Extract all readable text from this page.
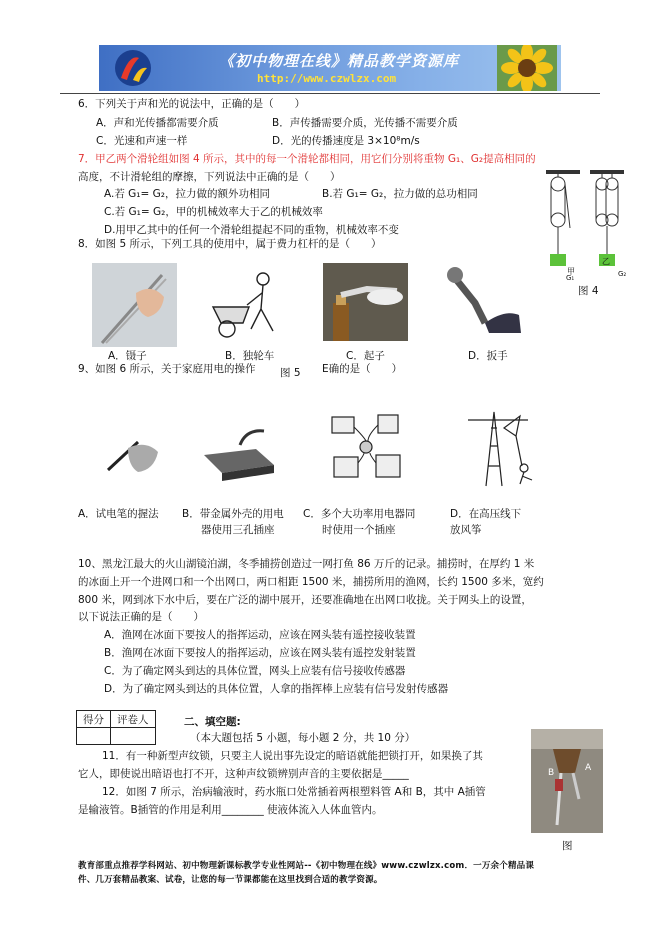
《初中物理在线》精品教学资源库
http://www.czwlzx.com
6．下列关于声和光的说法中，正确的是（　　）
A．声和光传播都需要介质	B．声传播需要介质，光传播不需要介质
C．光速和声速一样	D．光的传播速度是 3×10⁸m/s
7．甲乙两个滑轮组如图 4 所示，其中的每一个滑轮都相同，用它们分别将重物 G₁、G₂提高相同的
高度，不计滑轮组的摩擦，下列说法中正确的是（　　）
A.若 G₁= G₂，拉力做的额外功相同	B.若 G₁= G₂，拉力做的总功相同
C.若 G₁= G₂，甲的机械效率大于乙的机械效率
D.用甲乙其中的任何一个滑轮组提起不同的重物，机械效率不变
甲
乙
G₁	G₂
图 4
8．如图 5 所示，下列工具的使用中，属于费力杠杆的是（　　）
A．镊子	B．独轮车	C．起子	D．扳手
9、如图 6 所示，关于家庭用电的操作 图 5 E确的是（　　）
A．试电笔的握法 B．带金属外壳的用电
器使用三孔插座
C．多个大功率用电器同
时使用一个插座
D．在高压线下
放风筝
10、黑龙江最大的火山湖镜泊湖，冬季捕捞创造过一网打鱼 86 万斤的记录。捕捞时，在厚约 1 米
的冰面上开一个进网口和一个出网口，两口相距 1500 米，捕捞所用的渔网，长约 1500 多米，宽约
800 米，网到冰下水中后，要在广泛的湖中展开，还要准确地在出网口收拢。关于网头上的设置，
以下说法正确的是（　　）
A．渔网在冰面下要按人的指挥运动，应该在网头装有遥控接收装置
B．渔网在冰面下要按人的指挥运动，应该在网头装有遥控发射装置
C．为了确定网头到达的具体位置，网头上应装有信号接收传感器
D．为了确定网头到达的具体位置，人拿的指挥棒上应装有信号发射传感器
得分	评卷人
		二、填空题:
（本大题包括 5 小题，每小题 2 分，共 10 分）
11．有一种新型声纹锁，只要主人说出事先设定的暗语就能把锁打开，如果换了其
它人，即使说出暗语也打不开，这种声纹锁辨别声音的主要依据是_____
12．如图 7 所示，治病输液时，药水瓶口处常插着两根塑料管 A和 B，其中 A插管
是输液管。B插管的作用是利用________ 使液体流入人体血管内。
B	A
图
教育部重点推荐学科网站、初中物理新课标教学专业性网站--《初中物理在线》www.czwlzx.com．一万余个精品课
件、几万套精品教案、试卷，让您的每一节课都能在这里找到合适的教学资源。
